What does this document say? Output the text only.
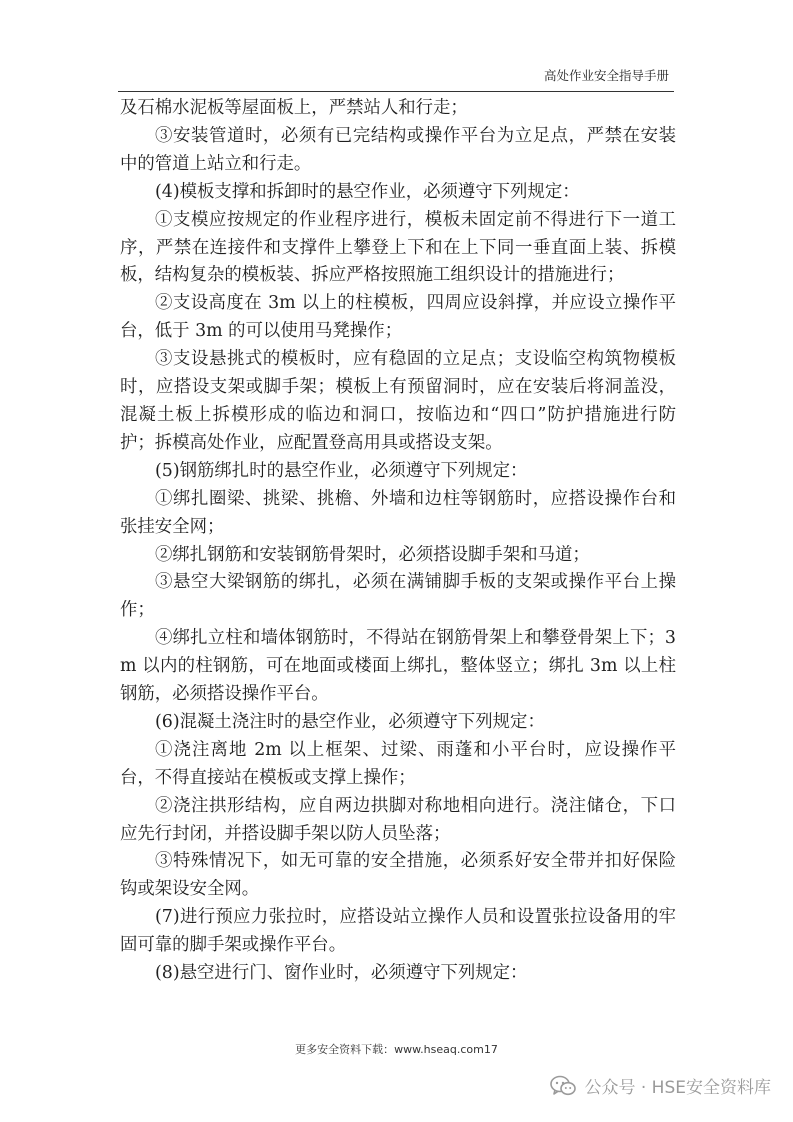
高处作业安全指导手册

及石棉水泥板等屋面板上，严禁站人和行走；

③安装管道时，必须有已完结构或操作平台为立足点，严禁在安装中的管道上站立和行走。

(4)模板支撑和拆卸时的悬空作业，必须遵守下列规定：

①支模应按规定的作业程序进行，模板未固定前不得进行下一道工序，严禁在连接件和支撑件上攀登上下和在上下同一垂直面上装、拆模板，结构复杂的模板装、拆应严格按照施工组织设计的措施进行；

②支设高度在 3m 以上的柱模板，四周应设斜撑，并应设立操作平台，低于 3m 的可以使用马凳操作；

③支设悬挑式的模板时，应有稳固的立足点；支设临空构筑物模板时，应搭设支架或脚手架；模板上有预留洞时，应在安装后将洞盖没，混凝土板上拆模形成的临边和洞口，按临边和“四口”防护措施进行防护；拆模高处作业，应配置登高用具或搭设支架。

(5)钢筋绑扎时的悬空作业，必须遵守下列规定：

①绑扎圈梁、挑梁、挑檐、外墙和边柱等钢筋时，应搭设操作台和张挂安全网；

②绑扎钢筋和安装钢筋骨架时，必须搭设脚手架和马道；

③悬空大梁钢筋的绑扎，必须在满铺脚手板的支架或操作平台上操作；

④绑扎立柱和墙体钢筋时，不得站在钢筋骨架上和攀登骨架上下；3m 以内的柱钢筋，可在地面或楼面上绑扎，整体竖立；绑扎 3m 以上柱钢筋，必须搭设操作平台。

(6)混凝土浇注时的悬空作业，必须遵守下列规定：

①浇注离地 2m 以上框架、过梁、雨蓬和小平台时，应设操作平台，不得直接站在模板或支撑上操作；

②浇注拱形结构，应自两边拱脚对称地相向进行。浇注储仓，下口应先行封闭，并搭设脚手架以防人员坠落；

③特殊情况下，如无可靠的安全措施，必须系好安全带并扣好保险钩或架设安全网。

(7)进行预应力张拉时，应搭设站立操作人员和设置张拉设备用的牢固可靠的脚手架或操作平台。

(8)悬空进行门、窗作业时，必须遵守下列规定：

更多安全资料下载：www.hseaq.com17
公众号 · HSE安全资料库
